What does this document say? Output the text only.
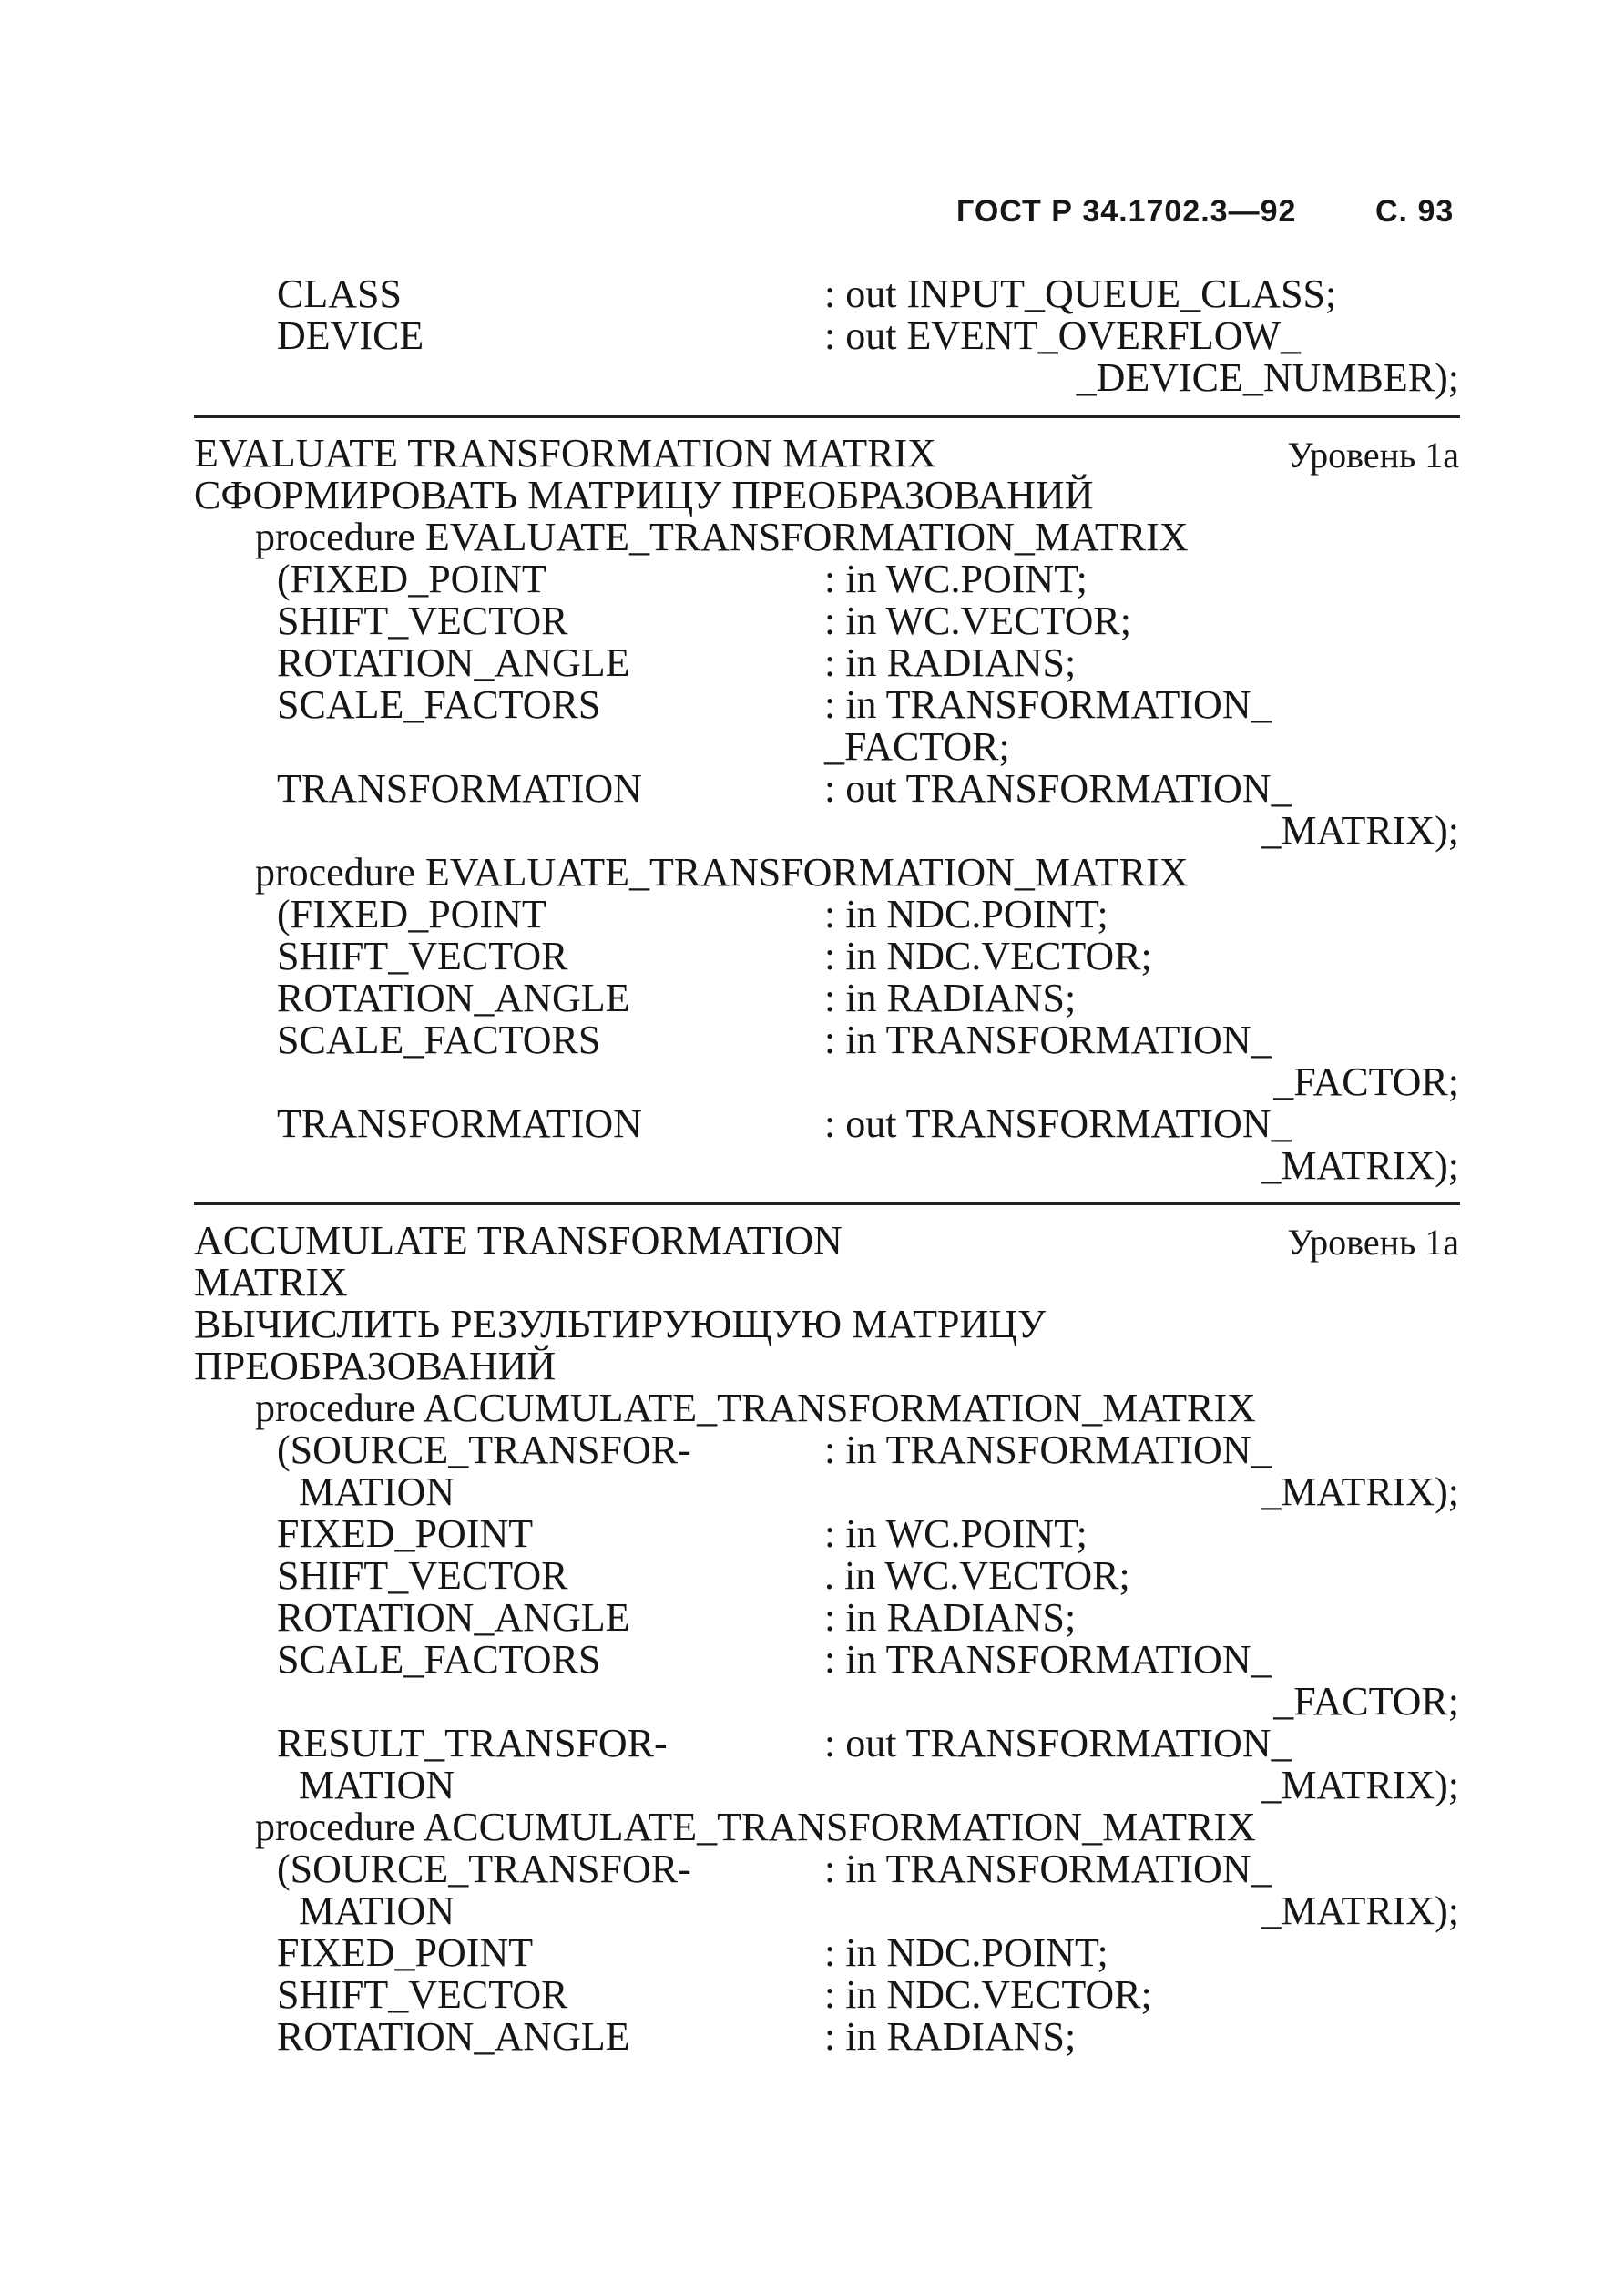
ГОСТ Р 34.1702.3—92	С. 93
CLASS	: out INPUT_QUEUE_CLASS;
DEVICE	: out EVENT_OVERFLOW_
_DEVICE_NUMBER);
EVALUATE TRANSFORMATION MATRIX	Уровень 1a
СФОРМИРОВАТЬ МАТРИЦУ ПРЕОБРАЗОВАНИЙ
procedure EVALUATE_TRANSFORMATION_MATRIX
(FIXED_POINT	: in WC.POINT;
SHIFT_VECTOR	: in WC.VECTOR;
ROTATION_ANGLE	: in RADIANS;
SCALE_FACTORS	: in TRANSFORMATION_
_FACTOR;
TRANSFORMATION	: out TRANSFORMATION_
_MATRIX);
procedure EVALUATE_TRANSFORMATION_MATRIX
(FIXED_POINT	: in NDC.POINT;
SHIFT_VECTOR	: in NDC.VECTOR;
ROTATION_ANGLE	: in RADIANS;
SCALE_FACTORS	: in TRANSFORMATION_
_FACTOR;
TRANSFORMATION	: out TRANSFORMATION_
_MATRIX);
ACCUMULATE TRANSFORMATION	Уровень 1a
MATRIX
ВЫЧИСЛИТЬ РЕЗУЛЬТИРУЮЩУЮ МАТРИЦУ
ПРЕОБРАЗОВАНИЙ
procedure ACCUMULATE_TRANSFORMATION_MATRIX
(SOURCE_TRANSFOR-	: in TRANSFORMATION_
MATION	_MATRIX);
FIXED_POINT	: in WC.POINT;
SHIFT_VECTOR	. in WC.VECTOR;
ROTATION_ANGLE	: in RADIANS;
SCALE_FACTORS	: in TRANSFORMATION_
_FACTOR;
RESULT_TRANSFOR-	: out TRANSFORMATION_
MATION	_MATRIX);
procedure ACCUMULATE_TRANSFORMATION_MATRIX
(SOURCE_TRANSFOR-	: in TRANSFORMATION_
MATION	_MATRIX);
FIXED_POINT	: in NDC.POINT;
SHIFT_VECTOR	: in NDC.VECTOR;
ROTATION_ANGLE	: in RADIANS;
